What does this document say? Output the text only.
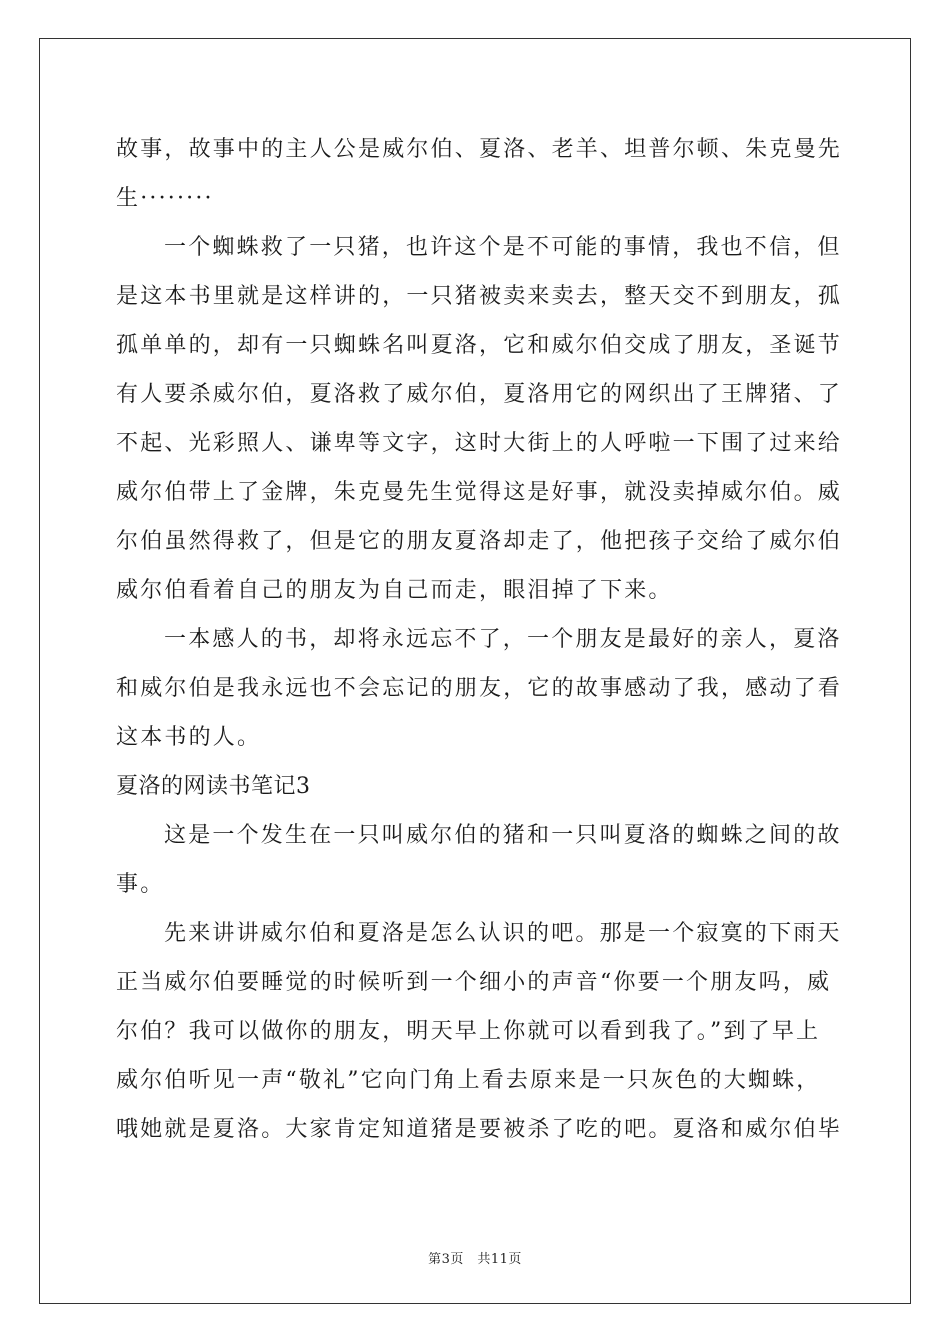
故事，故事中的主人公是威尔伯、夏洛、老羊、坦普尔顿、朱克曼先
生········
一个蜘蛛救了一只猪，也许这个是不可能的事情，我也不信，但
是这本书里就是这样讲的，一只猪被卖来卖去，整天交不到朋友，孤
孤单单的，却有一只蜘蛛名叫夏洛，它和威尔伯交成了朋友，圣诞节
有人要杀威尔伯，夏洛救了威尔伯，夏洛用它的网织出了王牌猪、了
不起、光彩照人、谦卑等文字，这时大街上的人呼啦一下围了过来给
威尔伯带上了金牌，朱克曼先生觉得这是好事，就没卖掉威尔伯。威
尔伯虽然得救了，但是它的朋友夏洛却走了，他把孩子交给了威尔伯
威尔伯看着自己的朋友为自己而走，眼泪掉了下来。
一本感人的书，却将永远忘不了，一个朋友是最好的亲人，夏洛
和威尔伯是我永远也不会忘记的朋友，它的故事感动了我，感动了看
这本书的人。
夏洛的网读书笔记3
这是一个发生在一只叫威尔伯的猪和一只叫夏洛的蜘蛛之间的故
事。
先来讲讲威尔伯和夏洛是怎么认识的吧。那是一个寂寞的下雨天
正当威尔伯要睡觉的时候听到一个细小的声音“你要一个朋友吗，威
尔伯？我可以做你的朋友，明天早上你就可以看到我了。”到了早上
威尔伯听见一声“敬礼”它向门角上看去原来是一只灰色的大蜘蛛，
哦她就是夏洛。大家肯定知道猪是要被杀了吃的吧。夏洛和威尔伯毕
第3页　共11页
